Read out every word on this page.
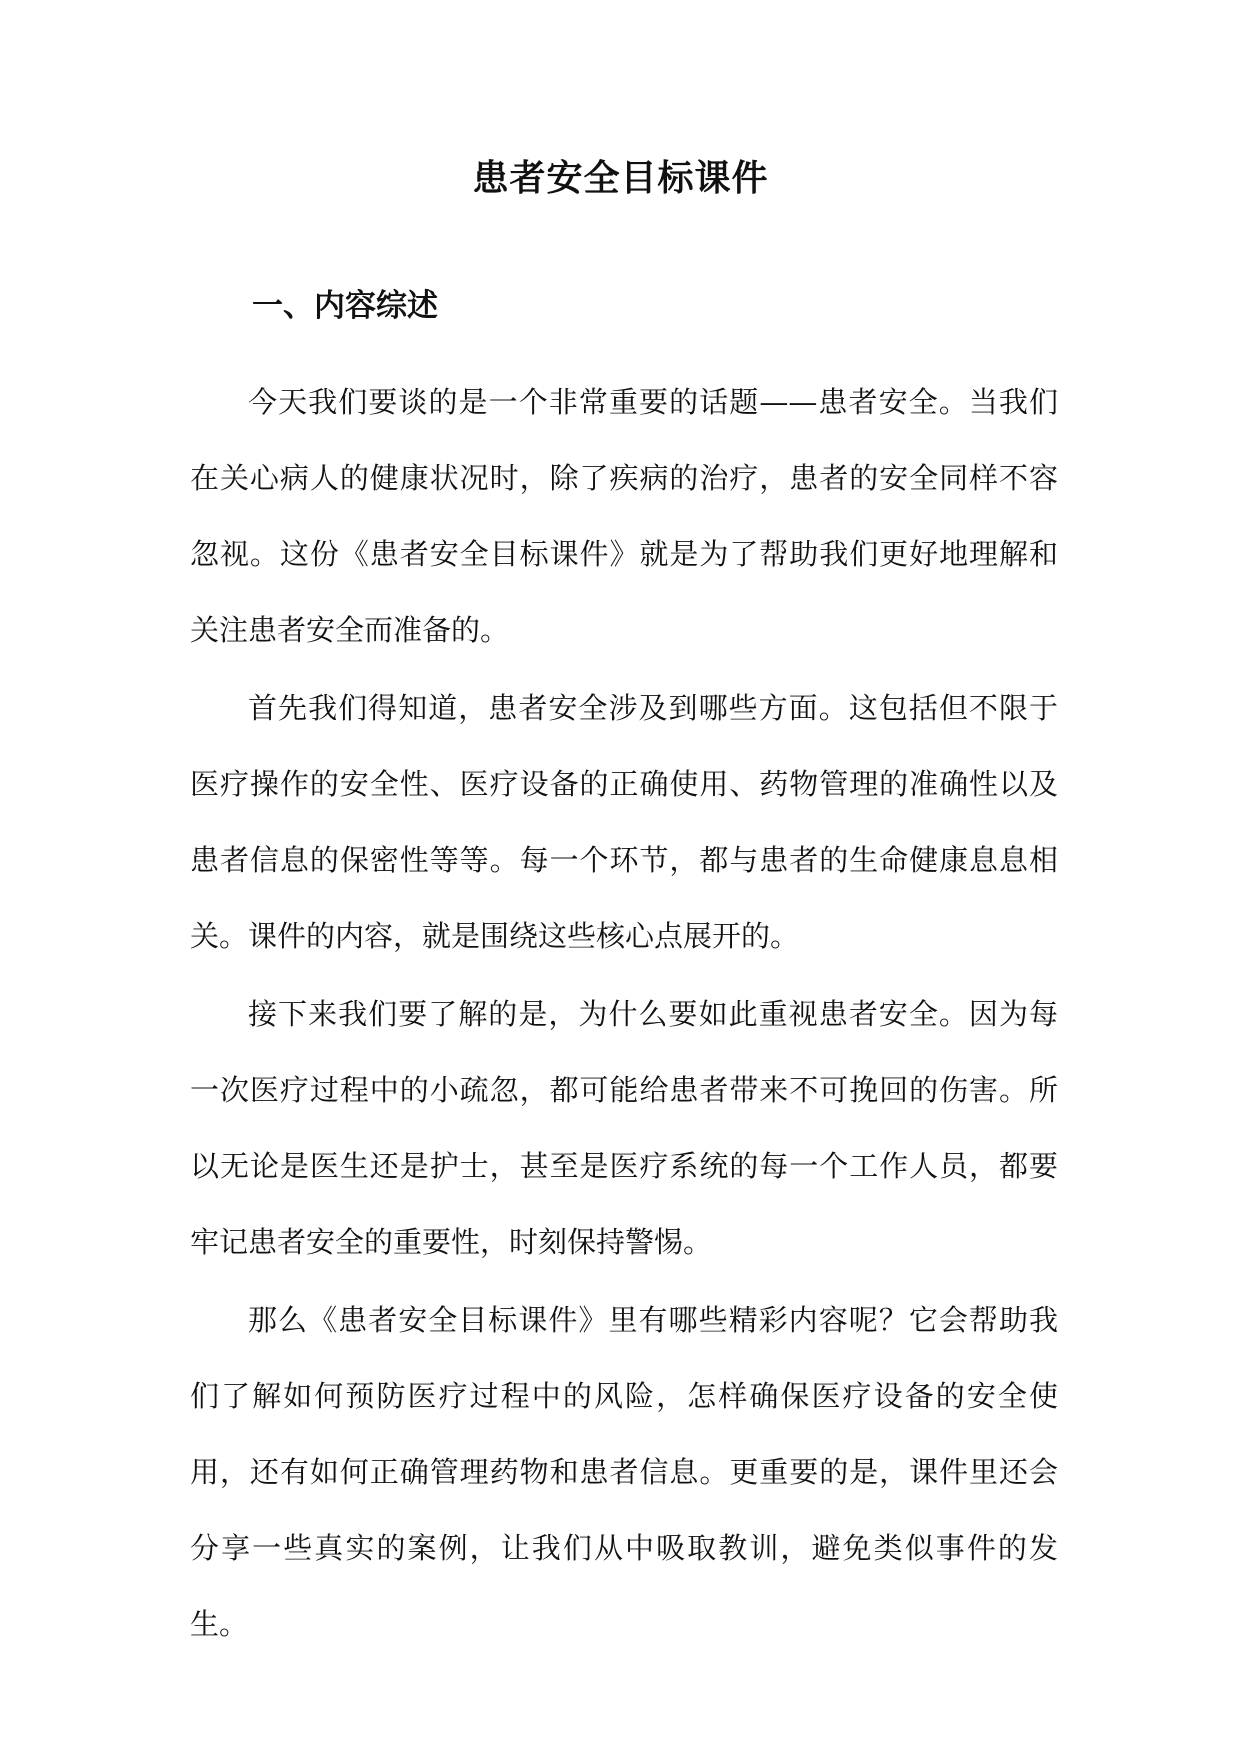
患者安全目标课件
一、内容综述

今天我们要谈的是一个非常重要的话题——患者安全。当我们在关心病人的健康状况时，除了疾病的治疗，患者的安全同样不容忽视。这份《患者安全目标课件》就是为了帮助我们更好地理解和关注患者安全而准备的。

首先我们得知道，患者安全涉及到哪些方面。这包括但不限于医疗操作的安全性、医疗设备的正确使用、药物管理的准确性以及患者信息的保密性等等。每一个环节，都与患者的生命健康息息相关。课件的内容，就是围绕这些核心点展开的。

接下来我们要了解的是，为什么要如此重视患者安全。因为每一次医疗过程中的小疏忽，都可能给患者带来不可挽回的伤害。所以无论是医生还是护士，甚至是医疗系统的每一个工作人员，都要牢记患者安全的重要性，时刻保持警惕。

那么《患者安全目标课件》里有哪些精彩内容呢？它会帮助我们了解如何预防医疗过程中的风险，怎样确保医疗设备的安全使用，还有如何正确管理药物和患者信息。更重要的是，课件里还会分享一些真实的案例，让我们从中吸取教训，避免类似事件的发生。
